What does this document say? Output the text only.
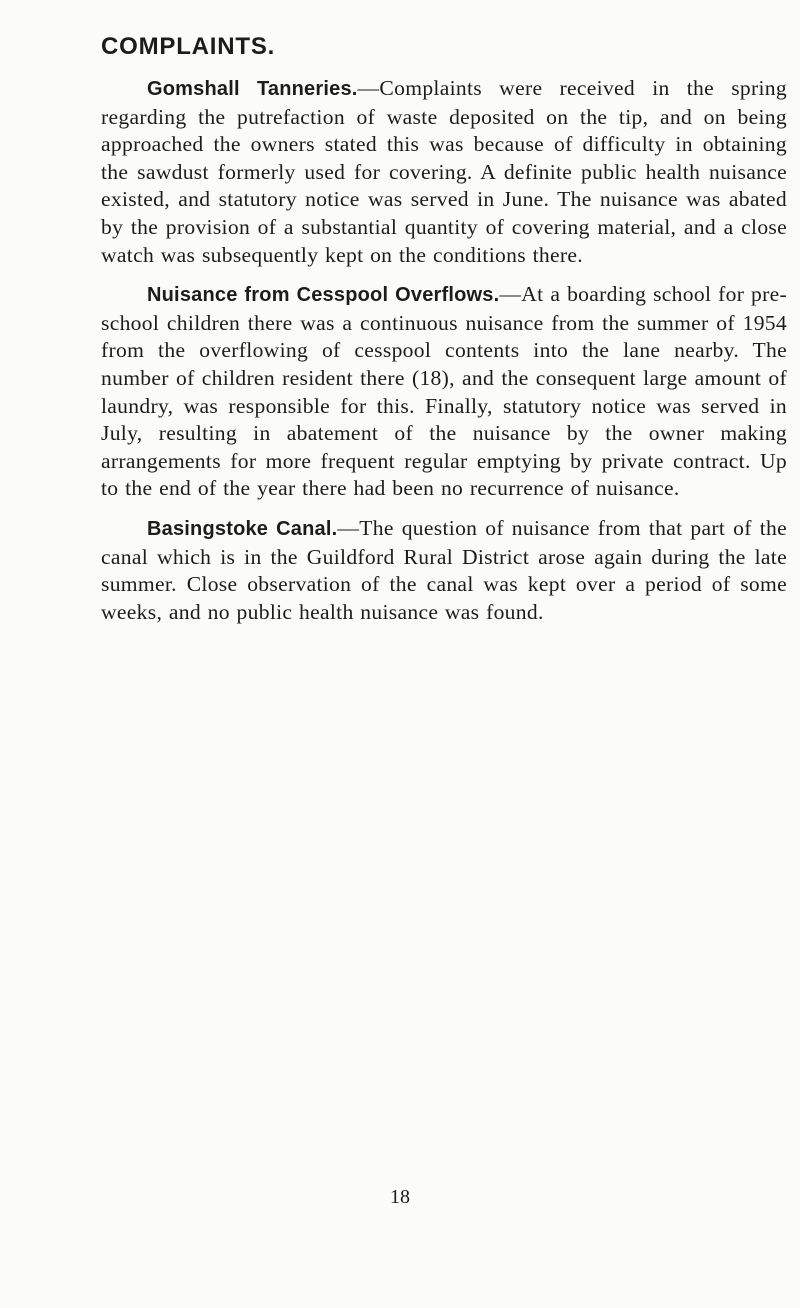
COMPLAINTS.

Gomshall Tanneries.—Complaints were received in the spring regarding the putrefaction of waste deposited on the tip, and on being approached the owners stated this was because of difficulty in obtaining the sawdust formerly used for covering. A definite public health nuisance existed, and statutory notice was served in June. The nuisance was abated by the provision of a substantial quantity of covering material, and a close watch was subsequently kept on the conditions there.

Nuisance from Cesspool Overflows.—At a boarding school for pre-school children there was a continuous nuisance from the summer of 1954 from the overflowing of cesspool contents into the lane nearby. The number of children resident there (18), and the consequent large amount of laundry, was responsible for this. Finally, statutory notice was served in July, resulting in abatement of the nuisance by the owner making arrangements for more frequent regular emptying by private contract. Up to the end of the year there had been no recurrence of nuisance.

Basingstoke Canal.—The question of nuisance from that part of the canal which is in the Guildford Rural District arose again during the late summer. Close observation of the canal was kept over a period of some weeks, and no public health nuisance was found.

18
